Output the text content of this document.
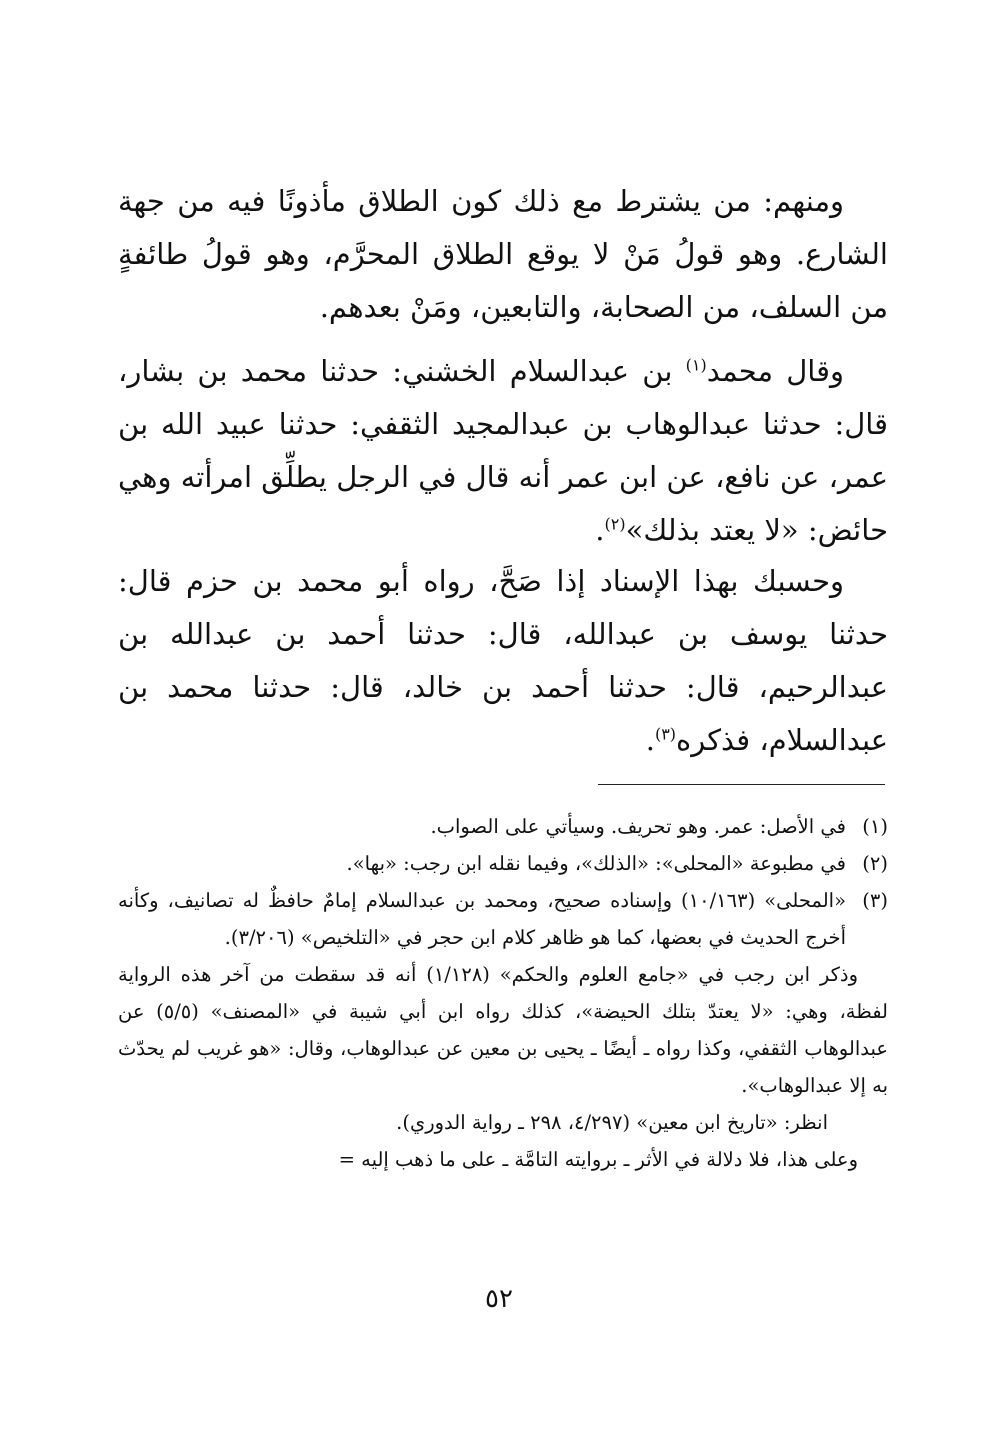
ومنهم: من يشترط مع ذلك كون الطلاق مأذونًا فيه من جهة الشارع. وهو قولُ مَنْ لا يوقع الطلاق المحرَّم، وهو قولُ طائفةٍ من السلف، من الصحابة، والتابعين، ومَنْ بعدهم.

وقال محمد$^{(١)}$ بن عبدالسلام الخشني: حدثنا محمد بن بشار، قال: حدثنا عبدالوهاب بن عبدالمجيد الثقفي: حدثنا عبيد الله بن عمر، عن نافع، عن ابن عمر أنه قال في الرجل يطلِّق امرأته وهي حائض: «لا يعتد بذلك»$^{(٢)}$.

وحسبك بهذا الإسناد إذا صَحَّ، رواه أبو محمد بن حزم قال: حدثنا يوسف بن عبدالله، قال: حدثنا أحمد بن عبدالله بن عبدالرحيم، قال: حدثنا أحمد بن خالد، قال: حدثنا محمد بن عبدالسلام، فذكره$^{(٣)}$.

(١)
في الأصل: عمر. وهو تحريف. وسيأتي على الصواب.
(٢)
في مطبوعة «المحلى»: «الذلك»، وفيما نقله ابن رجب: «بها».
(٣)
«المحلى» (١٠/١٦٣) وإسناده صحيح، ومحمد بن عبدالسلام إمامٌ حافظٌ له تصانيف، وكأنه أخرج الحديث في بعضها، كما هو ظاهر كلام ابن حجر في «التلخيص» (٣/٢٠٦).

وذكر ابن رجب في «جامع العلوم والحكم» (١/١٢٨) أنه قد سقطت من آخر هذه الرواية لفظة، وهي: «لا يعتدّ بتلك الحيضة»، كذلك رواه ابن أبي شيبة في «المصنف» (٥/٥) عن عبدالوهاب الثقفي، وكذا رواه ـ أيضًا ـ يحيى بن معين عن عبدالوهاب، وقال: «هو غريب لم يحدّث به إلا عبدالوهاب».

انظر: «تاريخ ابن معين» (٤/٢٩٧، ٢٩٨ ـ رواية الدوري).

وعلى هذا، فلا دلالة في الأثر ـ بروايته التامَّة ـ على ما ذهب إليه =

٥٢
